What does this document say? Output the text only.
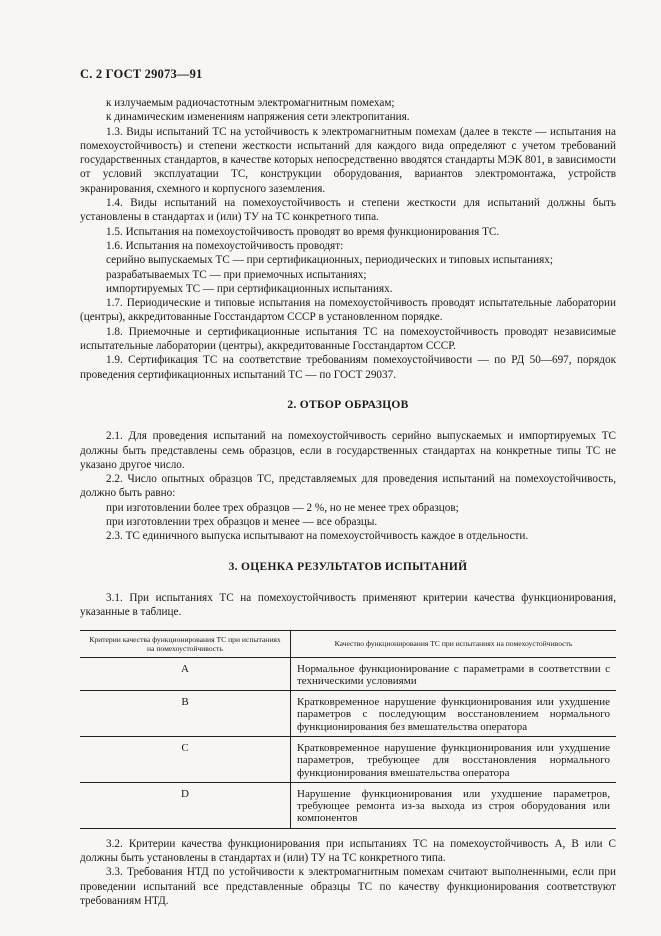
С. 2 ГОСТ 29073—91

к излучаемым радиочастотным электромагнитным помехам;

к динамическим изменениям напряжения сети электропитания.

1.3. Виды испытаний ТС на устойчивость к электромагнитным помехам (далее в тексте — испытания на помехоустойчивость) и степени жесткости испытаний для каждого вида определяют с учетом требований государственных стандартов, в качестве которых непосредственно вводятся стандарты МЭК 801, в зависимости от условий эксплуатации ТС, конструкции оборудования, вариантов электромонтажа, устройств экранирования, схемного и корпусного заземления.

1.4. Виды испытаний на помехоустойчивость и степени жесткости для испытаний должны быть установлены в стандартах и (или) ТУ на ТС конкретного типа.

1.5. Испытания на помехоустойчивость проводят во время функционирования ТС.

1.6. Испытания на помехоустойчивость проводят:

серийно выпускаемых ТС — при сертификационных, периодических и типовых испытаниях;

разрабатываемых ТС — при приемочных испытаниях;

импортируемых ТС — при сертификационных испытаниях.

1.7. Периодические и типовые испытания на помехоустойчивость проводят испытательные лаборатории (центры), аккредитованные Госстандартом СССР в установленном порядке.

1.8. Приемочные и сертификационные испытания ТС на помехоустойчивость проводят независимые испытательные лаборатории (центры), аккредитованные Госстандартом СССР.

1.9. Сертификация ТС на соответствие требованиям помехоустойчивости — по РД 50—697, порядок проведения сертификационных испытаний ТС — по ГОСТ 29037.

2. ОТБОР ОБРАЗЦОВ

2.1. Для проведения испытаний на помехоустойчивость серийно выпускаемых и импортируемых ТС должны быть представлены семь образцов, если в государственных стандартах на конкретные типы ТС не указано другое число.

2.2. Число опытных образцов ТС, представляемых для проведения испытаний на помехоустойчивость, должно быть равно:

при изготовлении более трех образцов — 2 %, но не менее трех образцов;

при изготовлении трех образцов и менее — все образцы.

2.3. ТС единичного выпуска испытывают на помехоустойчивость каждое в отдельности.

3. ОЦЕНКА РЕЗУЛЬТАТОВ ИСПЫТАНИЙ

3.1. При испытаниях ТС на помехоустойчивость применяют критерии качества функционирования, указанные в таблице.

Критерии качества функционирования ТС при испытаниях на помехоустойчивость	Качество функционирования ТС при испытаниях на помехоустойчивость
А	Нормальное функционирование с параметрами в соответствии с техническими условиями
В	Кратковременное нарушение функционирования или ухудшение параметров с последующим восстановлением нормального функционирования без вмешательства оператора
С	Кратковременное нарушение функционирования или ухудшение параметров, требующее для восстановления нормального функционирования вмешательства оператора
D	Нарушение функционирования или ухудшение параметров, требующее ремонта из-за выхода из строя оборудования или компонентов

3.2. Критерии качества функционирования при испытаниях ТС на помехоустойчивость А, В или С должны быть установлены в стандартах и (или) ТУ на ТС конкретного типа.

3.3. Требования НТД по устойчивости к электромагнитным помехам считают выполненными, если при проведении испытаний все представленные образцы ТС по качеству функционирования соответствуют требованиям НТД.
